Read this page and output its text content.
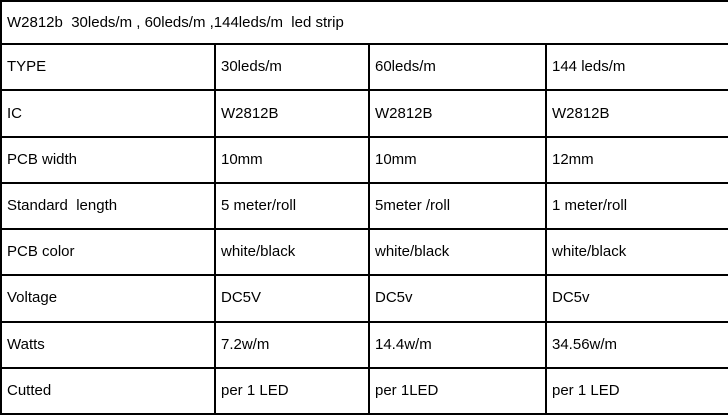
W2812b  30leds/m , 60leds/m ,144leds/m  led strip			
TYPE	30leds/m	60leds/m	144 leds/m
IC	W2812B	W2812B	W2812B
PCB width	10mm	10mm	12mm
Standard  length	5 meter/roll	5meter /roll	1 meter/roll
PCB color	white/black	white/black	white/black
Voltage	DC5V	DC5v	DC5v
Watts	7.2w/m	14.4w/m	34.56w/m
Cutted	per 1 LED	per 1LED	per 1 LED
